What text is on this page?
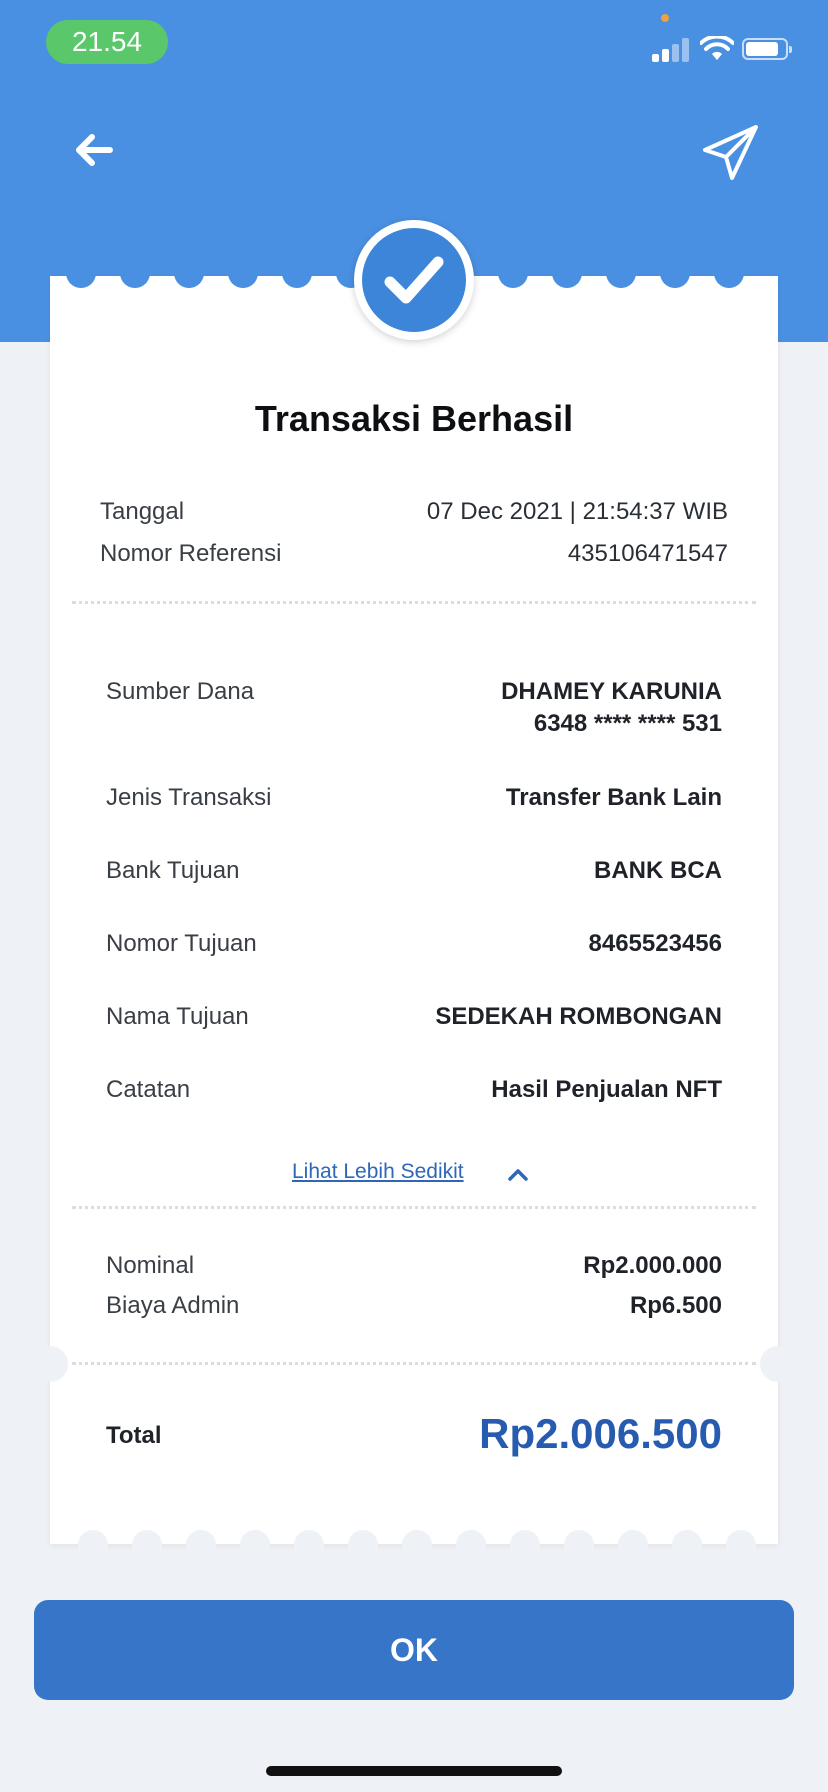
21.54
Transaksi Berhasil
Tanggal	07 Dec 2021 | 21:54:37 WIB
Nomor Referensi	435106471547
Sumber Dana	DHAMEY KARUNIA
6348 **** **** 531
Jenis Transaksi	Transfer Bank Lain
Bank Tujuan	BANK BCA
Nomor Tujuan	8465523456
Nama Tujuan	SEDEKAH ROMBONGAN
Catatan	Hasil Penjualan NFT
Lihat Lebih Sedikit
Nominal	Rp2.000.000
Biaya Admin	Rp6.500
Total	Rp2.006.500
OK
